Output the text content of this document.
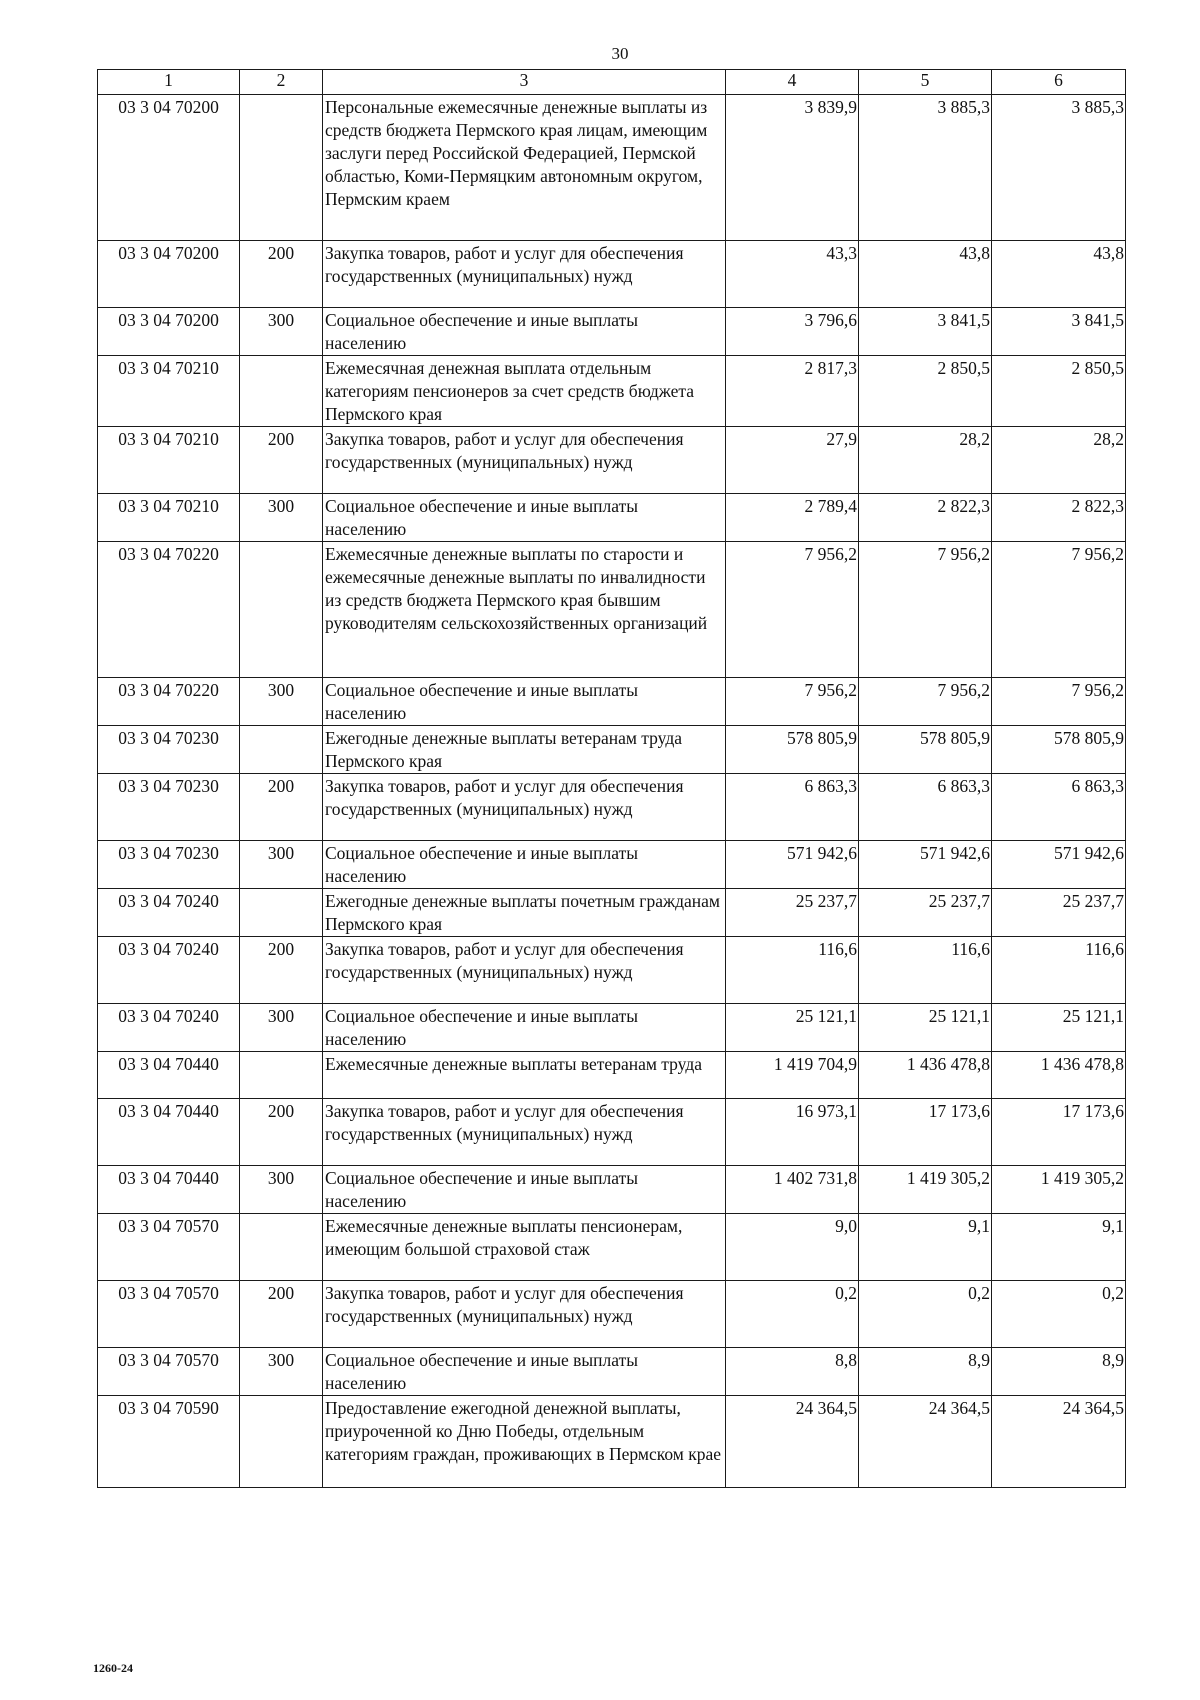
30
1	2	3	4	5	6
03 3 04 70200		Персональные ежемесячные денежные выплаты из средств бюджета Пермского края лицам, имеющим заслуги перед Российской Федерацией, Пермской областью, Коми-Пермяцким автономным округом, Пермским краем	3 839,9	3 885,3	3 885,3
03 3 04 70200	200	Закупка товаров, работ и услуг для обеспечения государственных (муниципальных) нужд	43,3	43,8	43,8
03 3 04 70200	300	Социальное обеспечение и иные выплаты населению	3 796,6	3 841,5	3 841,5
03 3 04 70210		Ежемесячная денежная выплата отдельным категориям пенсионеров за счет средств бюджета Пермского края	2 817,3	2 850,5	2 850,5
03 3 04 70210	200	Закупка товаров, работ и услуг для обеспечения государственных (муниципальных) нужд	27,9	28,2	28,2
03 3 04 70210	300	Социальное обеспечение и иные выплаты населению	2 789,4	2 822,3	2 822,3
03 3 04 70220		Ежемесячные денежные выплаты по старости и ежемесячные денежные выплаты по инвалидности из средств бюджета Пермского края бывшим руководителям сельскохозяйственных организаций	7 956,2	7 956,2	7 956,2
03 3 04 70220	300	Социальное обеспечение и иные выплаты населению	7 956,2	7 956,2	7 956,2
03 3 04 70230		Ежегодные денежные выплаты ветеранам труда Пермского края	578 805,9	578 805,9	578 805,9
03 3 04 70230	200	Закупка товаров, работ и услуг для обеспечения государственных (муниципальных) нужд	6 863,3	6 863,3	6 863,3
03 3 04 70230	300	Социальное обеспечение и иные выплаты населению	571 942,6	571 942,6	571 942,6
03 3 04 70240		Ежегодные денежные выплаты почетным гражданам Пермского края	25 237,7	25 237,7	25 237,7
03 3 04 70240	200	Закупка товаров, работ и услуг для обеспечения государственных (муниципальных) нужд	116,6	116,6	116,6
03 3 04 70240	300	Социальное обеспечение и иные выплаты населению	25 121,1	25 121,1	25 121,1
03 3 04 70440		Ежемесячные денежные выплаты ветеранам труда	1 419 704,9	1 436 478,8	1 436 478,8
03 3 04 70440	200	Закупка товаров, работ и услуг для обеспечения государственных (муниципальных) нужд	16 973,1	17 173,6	17 173,6
03 3 04 70440	300	Социальное обеспечение и иные выплаты населению	1 402 731,8	1 419 305,2	1 419 305,2
03 3 04 70570		Ежемесячные денежные выплаты пенсионерам, имеющим большой страховой стаж	9,0	9,1	9,1
03 3 04 70570	200	Закупка товаров, работ и услуг для обеспечения государственных (муниципальных) нужд	0,2	0,2	0,2
03 3 04 70570	300	Социальное обеспечение и иные выплаты населению	8,8	8,9	8,9
03 3 04 70590		Предоставление ежегодной денежной выплаты, приуроченной ко Дню Победы, отдельным категориям граждан, проживающих в Пермском крае	24 364,5	24 364,5	24 364,5
1260-24
